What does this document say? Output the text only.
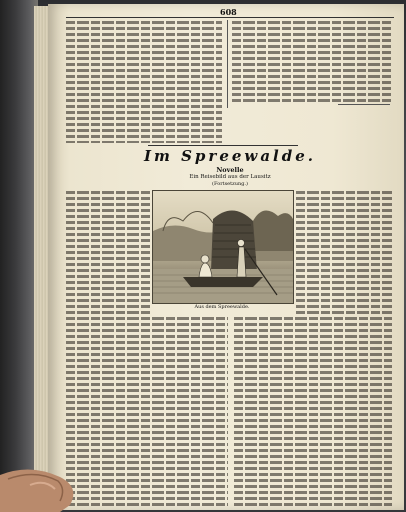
608
Im Spreewalde.
Novelle
Ein Reisebild aus der Lausitz
(Fortsetzung.)
Aus dem Spreewalde.
